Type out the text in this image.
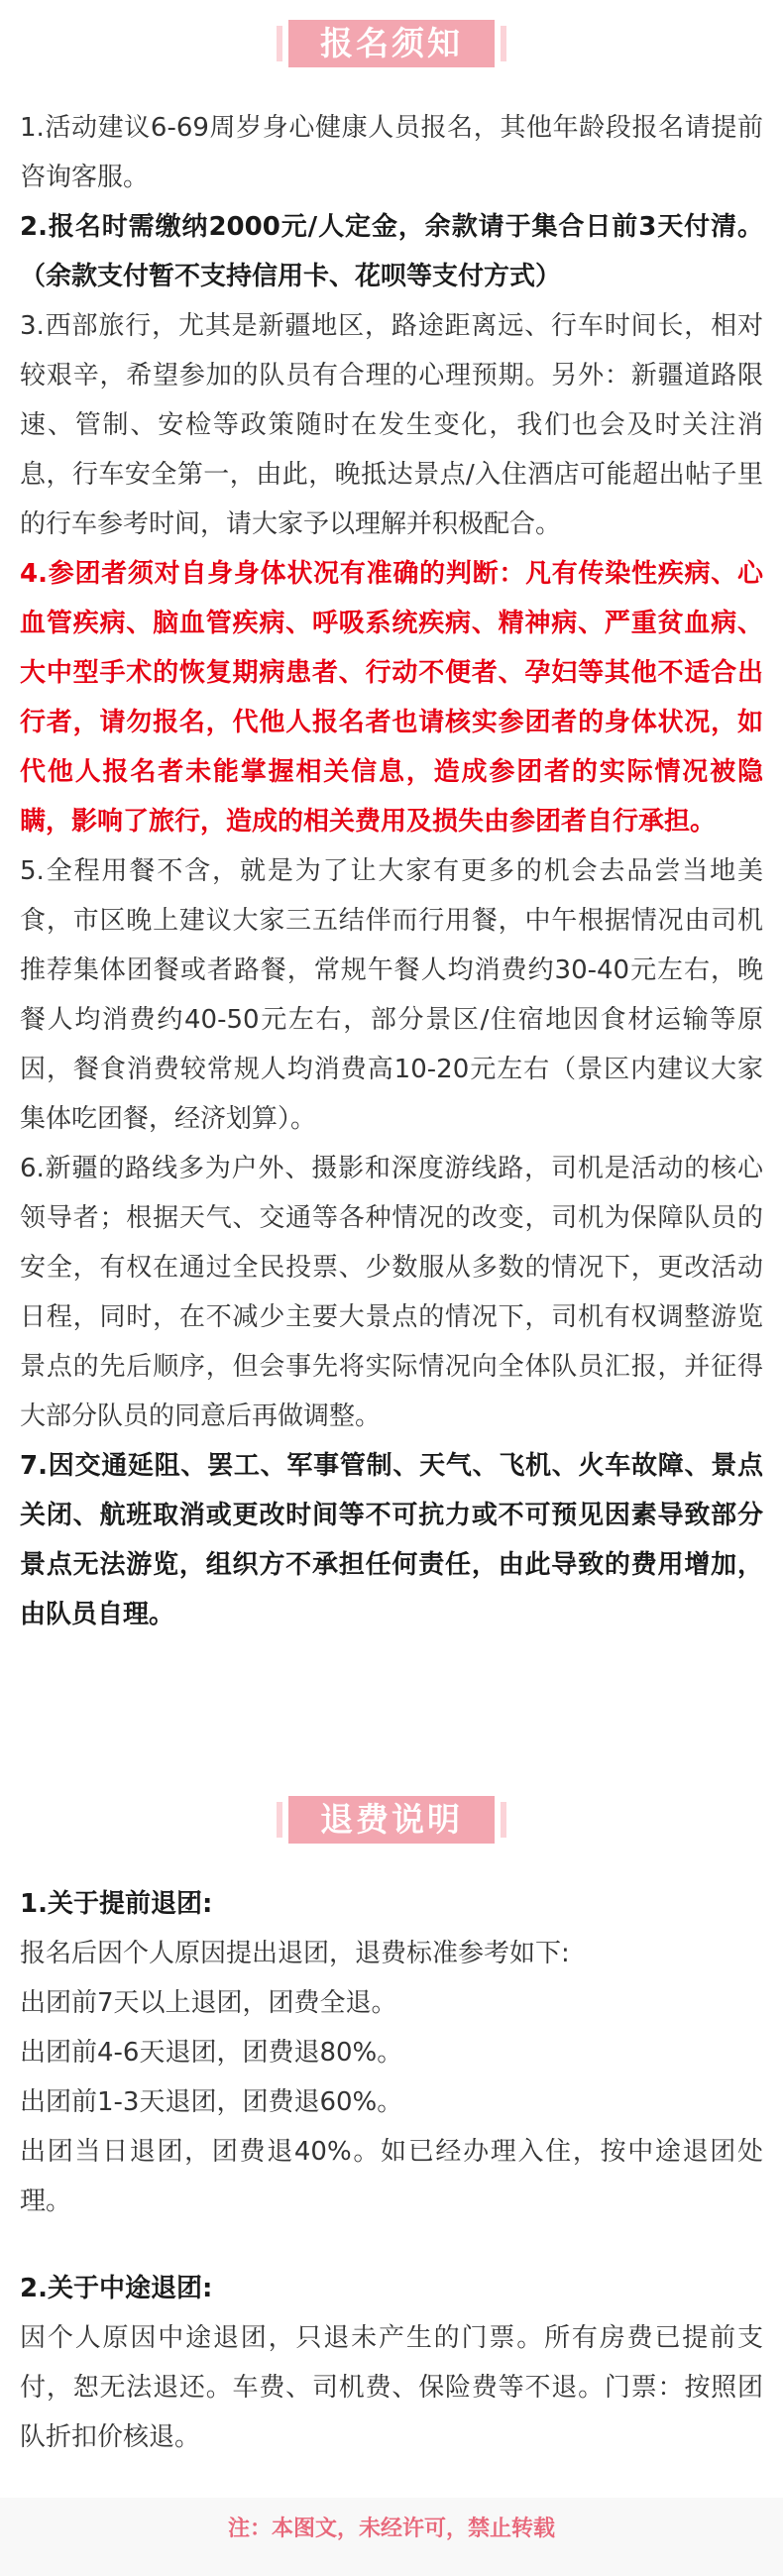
报名须知

1.活动建议6-69周岁身心健康人员报名，其他年龄段报名请提前咨询客服。

2.报名时需缴纳2000元/人定金，余款请于集合日前3天付清。（余款支付暂不支持信用卡、花呗等支付方式）

3.西部旅行，尤其是新疆地区，路途距离远、行车时间长，相对较艰辛，希望参加的队员有合理的心理预期。另外：新疆道路限速、管制、安检等政策随时在发生变化，我们也会及时关注消息，行车安全第一，由此，晚抵达景点/入住酒店可能超出帖子里的行车参考时间，请大家予以理解并积极配合。

4.参团者须对自身身体状况有准确的判断：凡有传染性疾病、心血管疾病、脑血管疾病、呼吸系统疾病、精神病、严重贫血病、大中型手术的恢复期病患者、行动不便者、孕妇等其他不适合出行者，请勿报名，代他人报名者也请核实参团者的身体状况，如代他人报名者未能掌握相关信息，造成参团者的实际情况被隐瞒，影响了旅行，造成的相关费用及损失由参团者自行承担。

5.全程用餐不含，就是为了让大家有更多的机会去品尝当地美食，市区晚上建议大家三五结伴而行用餐，中午根据情况由司机推荐集体团餐或者路餐，常规午餐人均消费约30-40元左右，晚餐人均消费约40-50元左右，部分景区/住宿地因食材运输等原因，餐食消费较常规人均消费高10-20元左右（景区内建议大家集体吃团餐，经济划算）。

6.新疆的路线多为户外、摄影和深度游线路，司机是活动的核心领导者；根据天气、交通等各种情况的改变，司机为保障队员的安全，有权在通过全民投票、少数服从多数的情况下，更改活动日程，同时，在不减少主要大景点的情况下，司机有权调整游览景点的先后顺序，但会事先将实际情况向全体队员汇报，并征得大部分队员的同意后再做调整。

7.因交通延阻、罢工、军事管制、天气、飞机、火车故障、景点关闭、航班取消或更改时间等不可抗力或不可预见因素导致部分景点无法游览，组织方不承担任何责任，由此导致的费用增加，由队员自理。

退费说明

1.关于提前退团:

报名后因个人原因提出退团，退费标准参考如下:

出团前7天以上退团，团费全退。

出团前4-6天退团，团费退80%。

出团前1-3天退团，团费退60%。

出团当日退团，团费退40%。如已经办理入住，按中途退团处理。

2.关于中途退团:

因个人原因中途退团，只退未产生的门票。所有房费已提前支付，恕无法退还。车费、司机费、保险费等不退。门票：按照团队折扣价核退。

注：本图文，未经许可，禁止转载
